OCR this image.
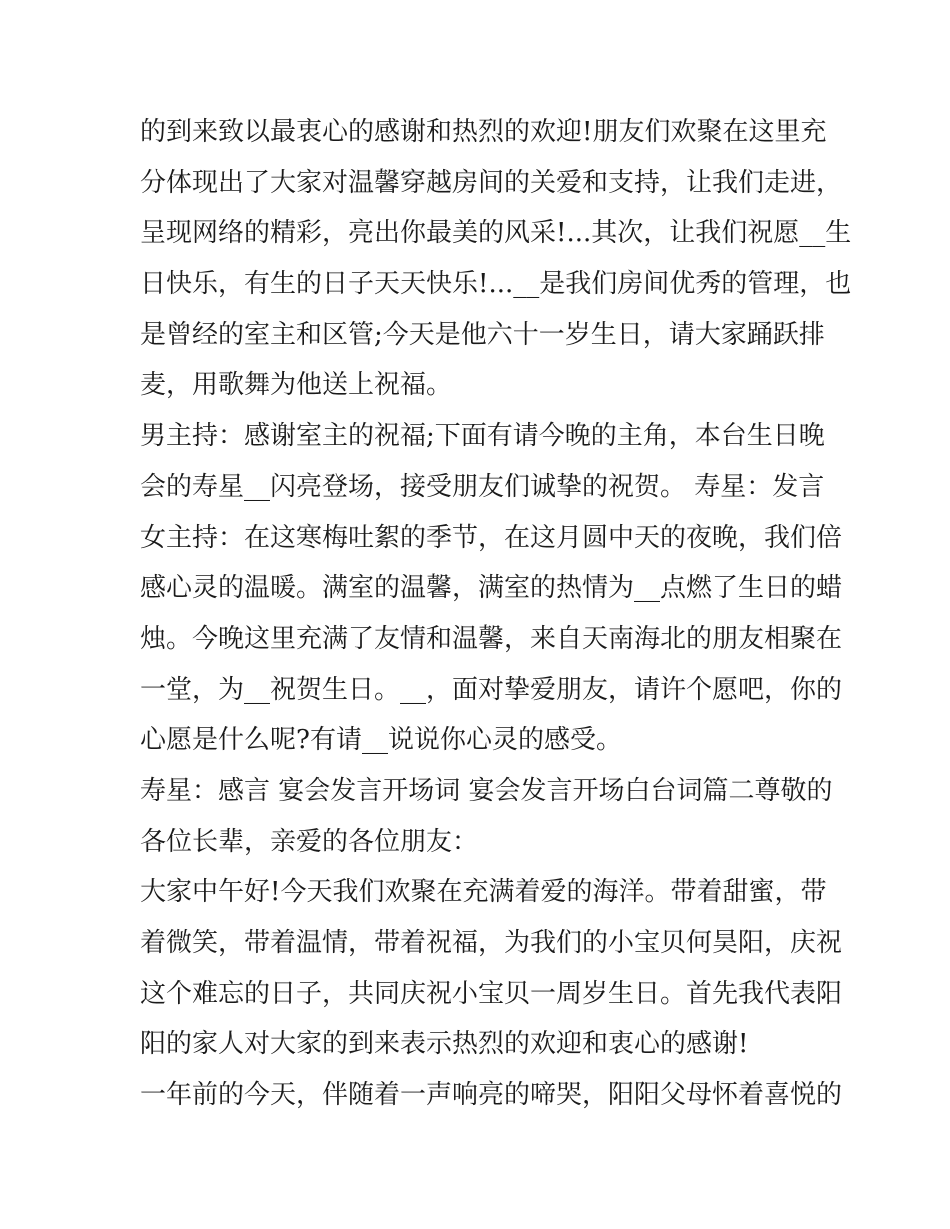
的到来致以最衷心的感谢和热烈的欢迎!朋友们欢聚在这里充
分体现出了大家对温馨穿越房间的关爱和支持，让我们走进，
呈现网络的精彩，亮出你最美的风采!...其次，让我们祝愿__生
日快乐，有生的日子天天快乐!...__是我们房间优秀的管理，也
是曾经的室主和区管;今天是他六十一岁生日，请大家踊跃排
麦，用歌舞为他送上祝福。
男主持：感谢室主的祝福;下面有请今晚的主角，本台生日晚
会的寿星__闪亮登场，接受朋友们诚挚的祝贺。 寿星：发言
女主持：在这寒梅吐絮的季节，在这月圆中天的夜晚，我们倍
感心灵的温暖。满室的温馨，满室的热情为__点燃了生日的蜡
烛。今晚这里充满了友情和温馨，来自天南海北的朋友相聚在
一堂，为__祝贺生日。__，面对挚爱朋友，请许个愿吧，你的
心愿是什么呢?有请__说说你心灵的感受。
寿星：感言 宴会发言开场词 宴会发言开场白台词篇二尊敬的
各位长辈，亲爱的各位朋友：
大家中午好!今天我们欢聚在充满着爱的海洋。带着甜蜜，带
着微笑，带着温情，带着祝福，为我们的小宝贝何昊阳，庆祝
这个难忘的日子，共同庆祝小宝贝一周岁生日。首先我代表阳
阳的家人对大家的到来表示热烈的欢迎和衷心的感谢!
一年前的今天，伴随着一声响亮的啼哭，阳阳父母怀着喜悦的
